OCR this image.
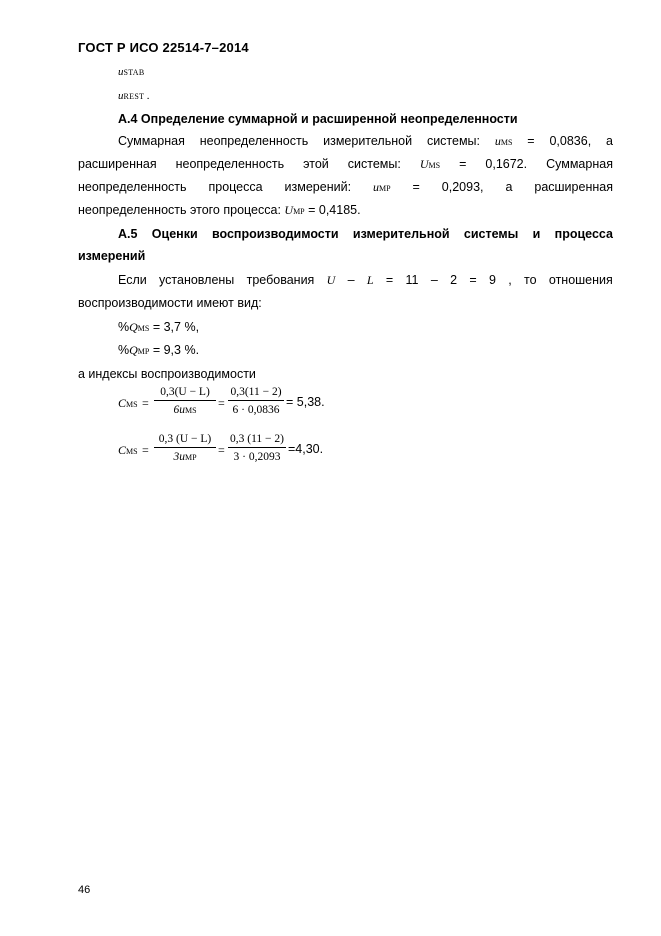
ГОСТ Р ИСО 22514-7–2014
uSTAB
uREST .
А.4 Определение суммарной и расширенной неопределенности
Суммарная неопределенность измерительной системы: uMS = 0,0836, а
расширенная неопределенность этой системы: UMS = 0,1672. Суммарная
неопределенность процесса измерений: uMP = 0,2093, а расширенная
неопределенность этого процесса: UMP = 0,4185.
А.5 Оценки воспроизводимости измерительной системы и процесса
измерений
Если установлены требования U – L = 11 – 2 = 9 , то отношения
воспроизводимости имеют вид:
%QMS = 3,7 %,
%QMP = 9,3 %.
а индексы воспроизводимости
CMS =
0,3(U − L)
6uMS
= $\frac{0,3(11 - 2)}{6 \cdot 0,0836} = 5,38$.
CMS =
0,3 (U − L)
3uMP
= $\frac{0,3 (11 - 2)}{3 \cdot 0,2093} =4,30$.
46
